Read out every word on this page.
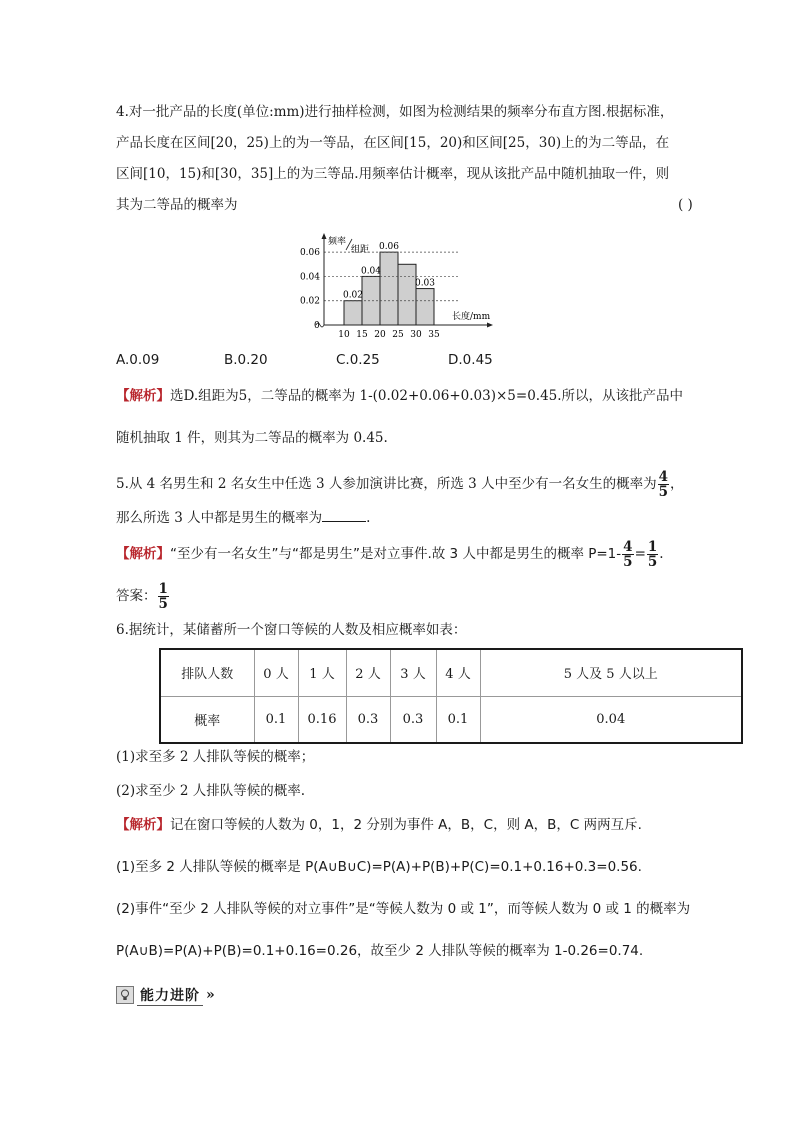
4.对一批产品的长度(单位:mm)进行抽样检测，如图为检测结果的频率分布直方图.根据标准，
产品长度在区间[20，25)上的为一等品，在区间[15，20)和区间[25，30)上的为二等品，在
区间[10，15)和[30，35]上的为三等品.用频率估计概率，现从该批产品中随机抽取一件，则
其为二等品的概率为	( )
0.02
0.04
0.06
10 15 20 25 30 35
0.02
0.04
0.06
0.03
0
频率
组距
长度/mm
A.0.09	B.0.20	C.0.25	D.0.45
【解析】选D.组距为5，二等品的概率为 1-(0.02+0.06+0.03)×5=0.45.所以，从该批产品中
随机抽取 1 件，则其为二等品的概率为 0.45.
5.从 4 名男生和 2 名女生中任选 3 人参加演讲比赛，所选 3 人中至少有一名女生的概率为 $\frac{4}{5}$ ，
那么所选 3 人中都是男生的概率为	.
【解析】“至少有一名女生”与“都是男生”是对立事件.故 3 人中都是男生的概率 $P=1- \frac{4}{5} = \frac{1}{5}$ .
答案： $\frac{1}{5}$
6.据统计，某储蓄所一个窗口等候的人数及相应概率如表：
排队人数	0 人	1 人	2 人	3 人	4 人	5 人及 5 人以上
概率	0.1	0.16	0.3	0.3	0.1	0.04
(1)求至多 2 人排队等候的概率；
(2)求至少 2 人排队等候的概率.
【解析】记在窗口等候的人数为 0，1，2 分别为事件 A，B，C，则 A，B，C 两两互斥.
(1)至多 2 人排队等候的概率是 P(A∪B∪C)=P(A)+P(B)+P(C)=0.1+0.16+0.3=0.56.
(2)事件“至少 2 人排队等候的对立事件”是“等候人数为 0 或 1”，而等候人数为 0 或 1 的概率为
P(A∪B)=P(A)+P(B)=0.1+0.16=0.26，故至少 2 人排队等候的概率为 1-0.26=0.74.
能力进阶 »
